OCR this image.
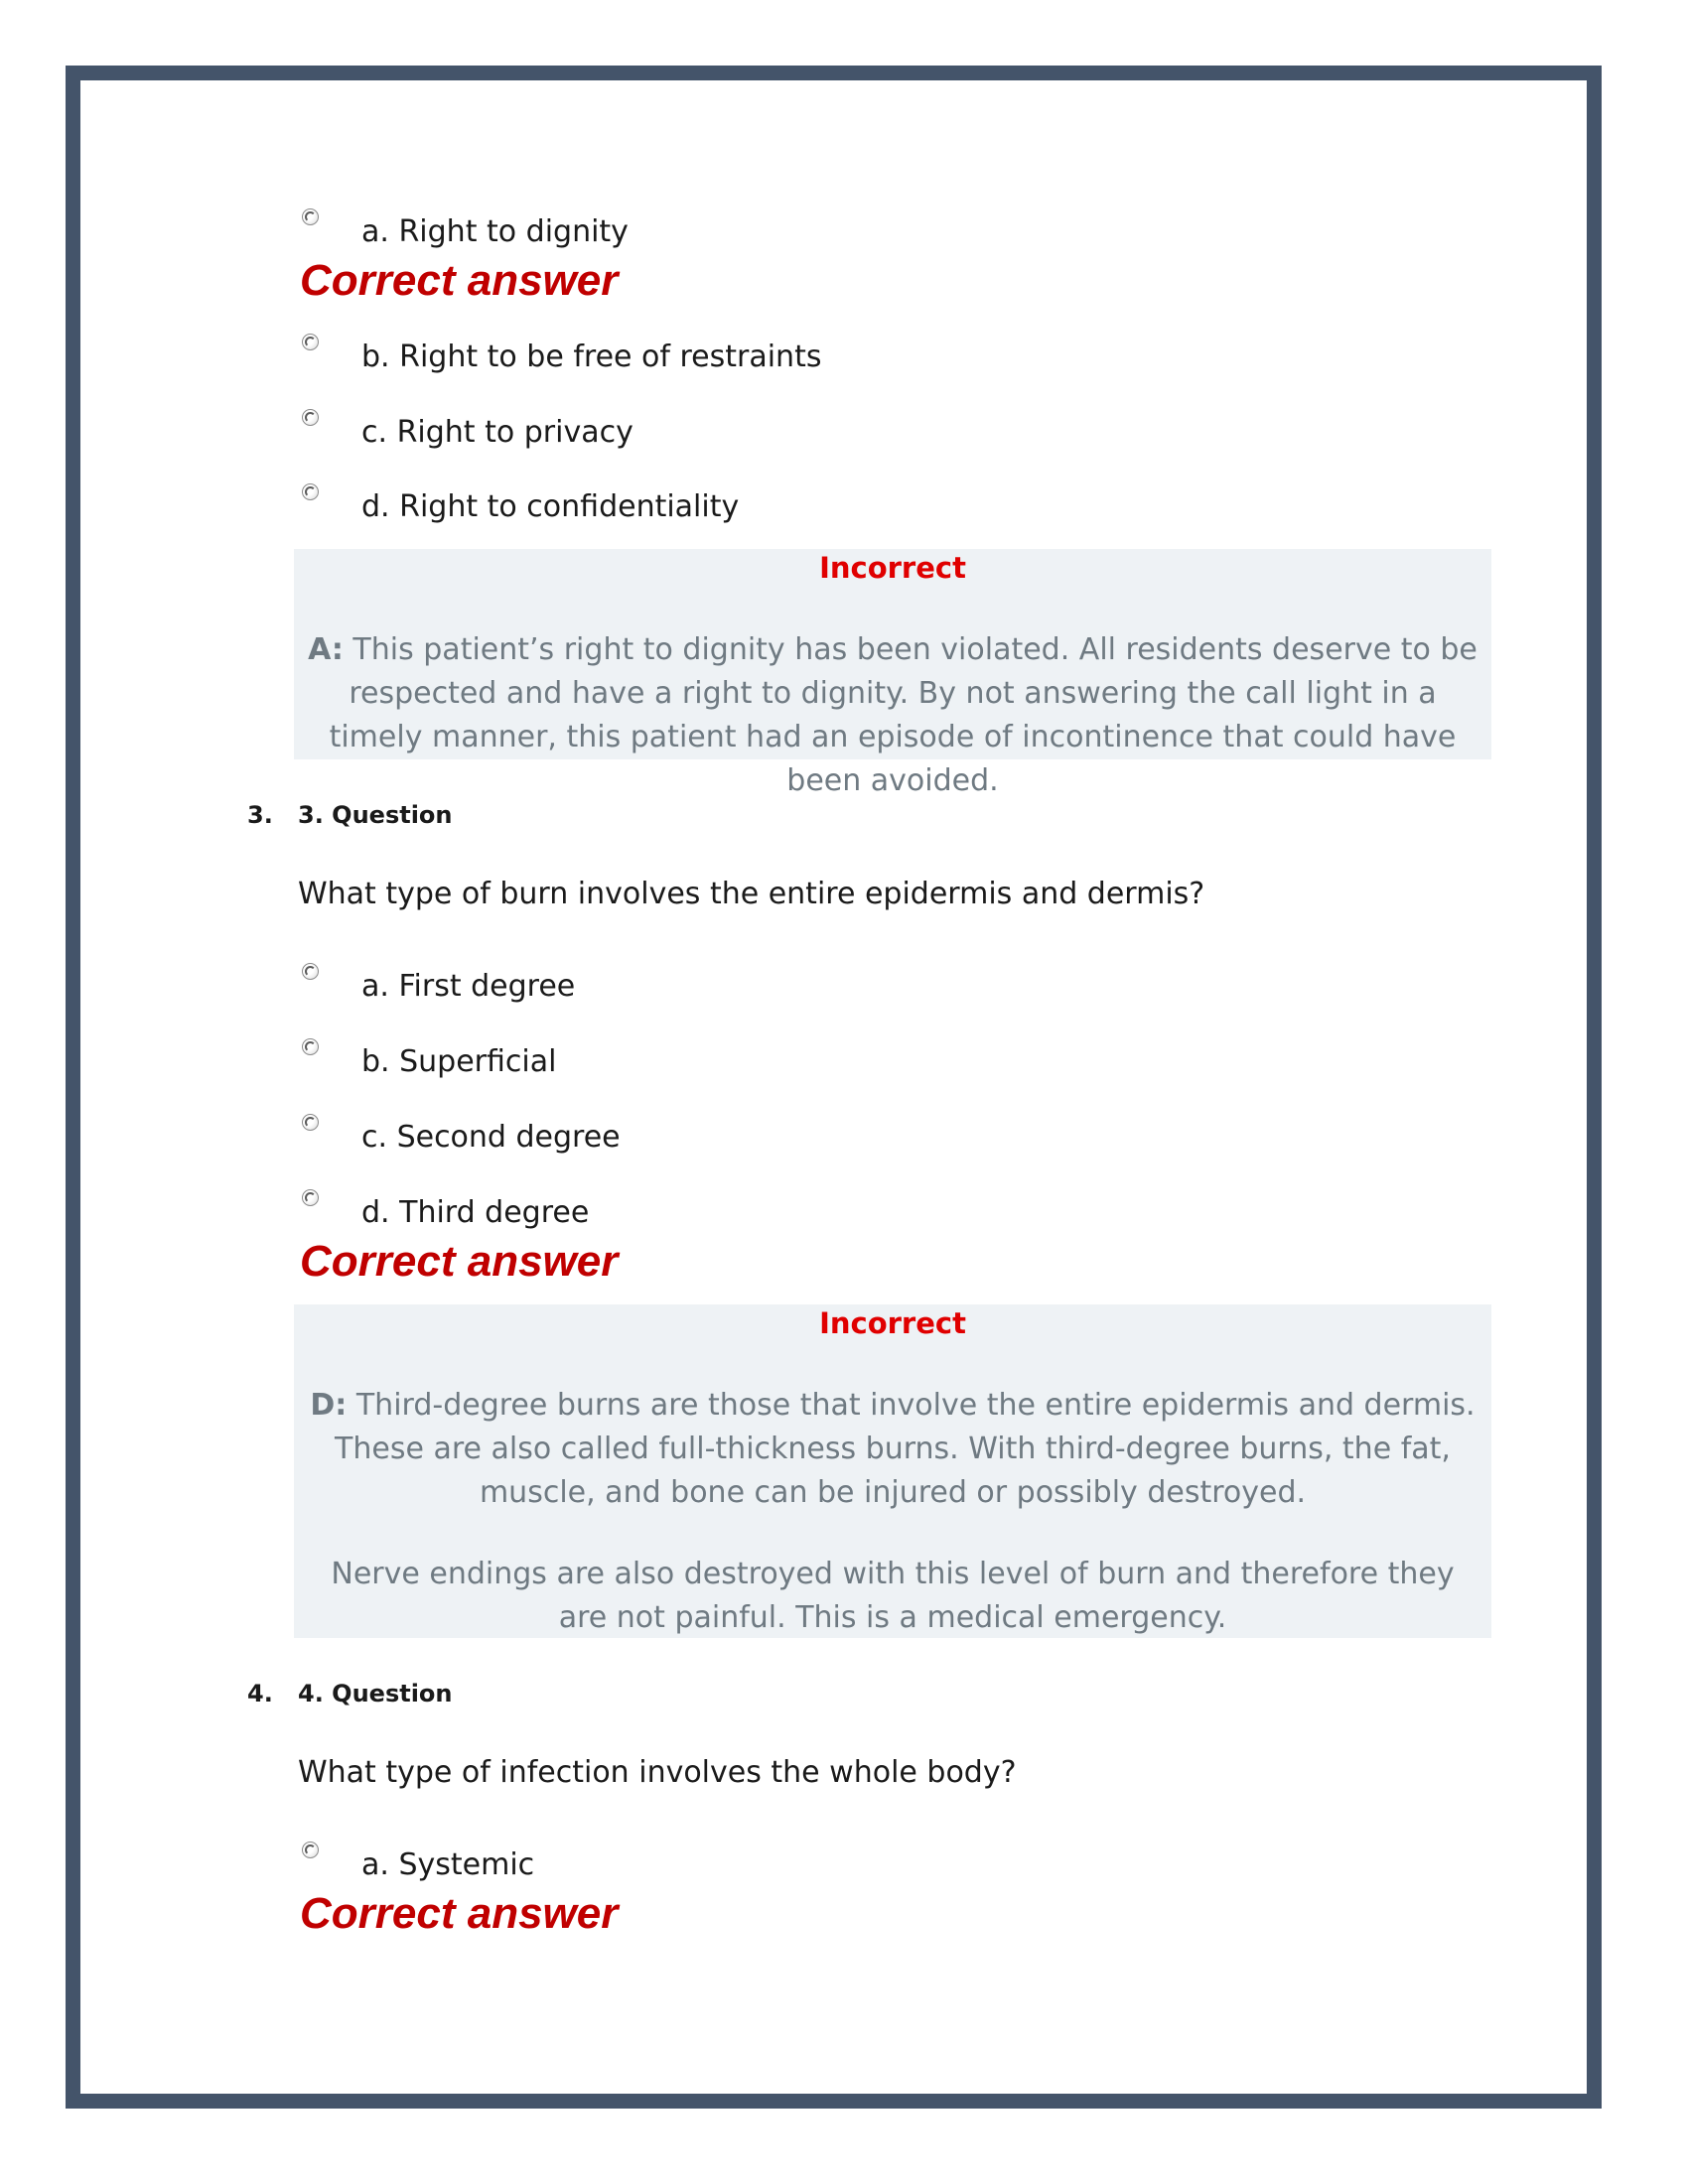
a. Right to dignity
Correct answer
b. Right to be free of restraints
c. Right to privacy
d. Right to confidentiality
Incorrect
A: This patient’s right to dignity has been violated. All residents deserve to be respected and have a right to dignity. By not answering the call light in a timely manner, this patient had an episode of incontinence that could have been avoided.
3. 3. Question
What type of burn involves the entire epidermis and dermis?
a. First degree
b. Superficial
c. Second degree
d. Third degree
Correct answer
Incorrect
D: Third-degree burns are those that involve the entire epidermis and dermis. These are also called full-thickness burns. With third-degree burns, the fat, muscle, and bone can be injured or possibly destroyed.
Nerve endings are also destroyed with this level of burn and therefore they are not painful. This is a medical emergency.
4. 4. Question
What type of infection involves the whole body?
a. Systemic
Correct answer
